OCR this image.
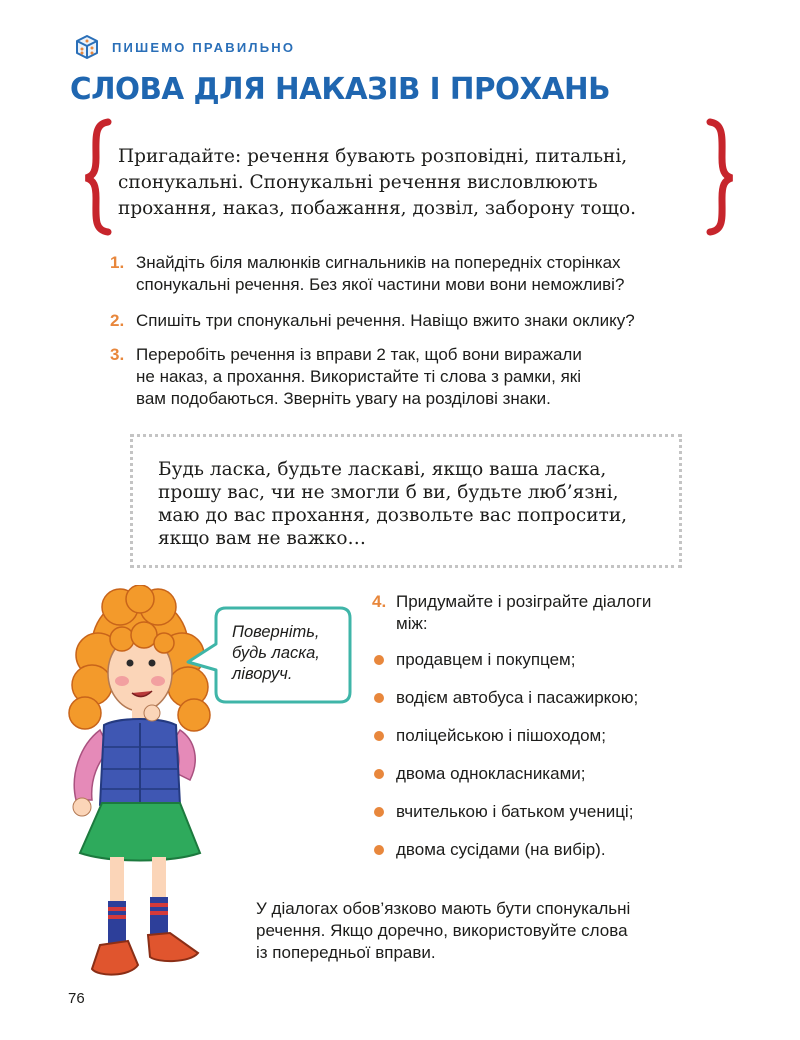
ПИШЕМО ПРАВИЛЬНО
СЛОВА ДЛЯ НАКАЗІВ І ПРОХАНЬ
Пригадайте: речення бувають розповідні, питальні,
спонукальні. Спонукальні речення висловлюють
прохання, наказ, побажання, дозвіл, заборону тощо.
1. Знайдіть біля малюнків сигнальників на попередніх сторінках
спонукальні речення. Без якої частини мови вони неможливі?
2. Спишіть три спонукальні речення. Навіщо вжито знаки оклику?
3. Переробіть речення із вправи 2 так, щоб вони виражали
не наказ, а прохання. Використайте ті слова з рамки, які
вам подобаються. Зверніть увагу на розділові знаки.
Будь ласка, будьте ласкаві, якщо ваша ласка,
прошу вас, чи не змогли б ви, будьте люб’язні,
маю до вас прохання, дозвольте вас попросити,
якщо вам не важко…
Поверніть,
будь ласка,
ліворуч.
4. Придумайте і розіграйте діалоги
між:
продавцем і покупцем;
водієм автобуса і пасажиркою;
поліцейською і пішоходом;
двома однокласниками;
вчителькою і батьком учениці;
двома сусідами (на вибір).
У діалогах обов’язково мають бути спонукальні
речення. Якщо доречно, використовуйте слова
із попередньої вправи.
76
